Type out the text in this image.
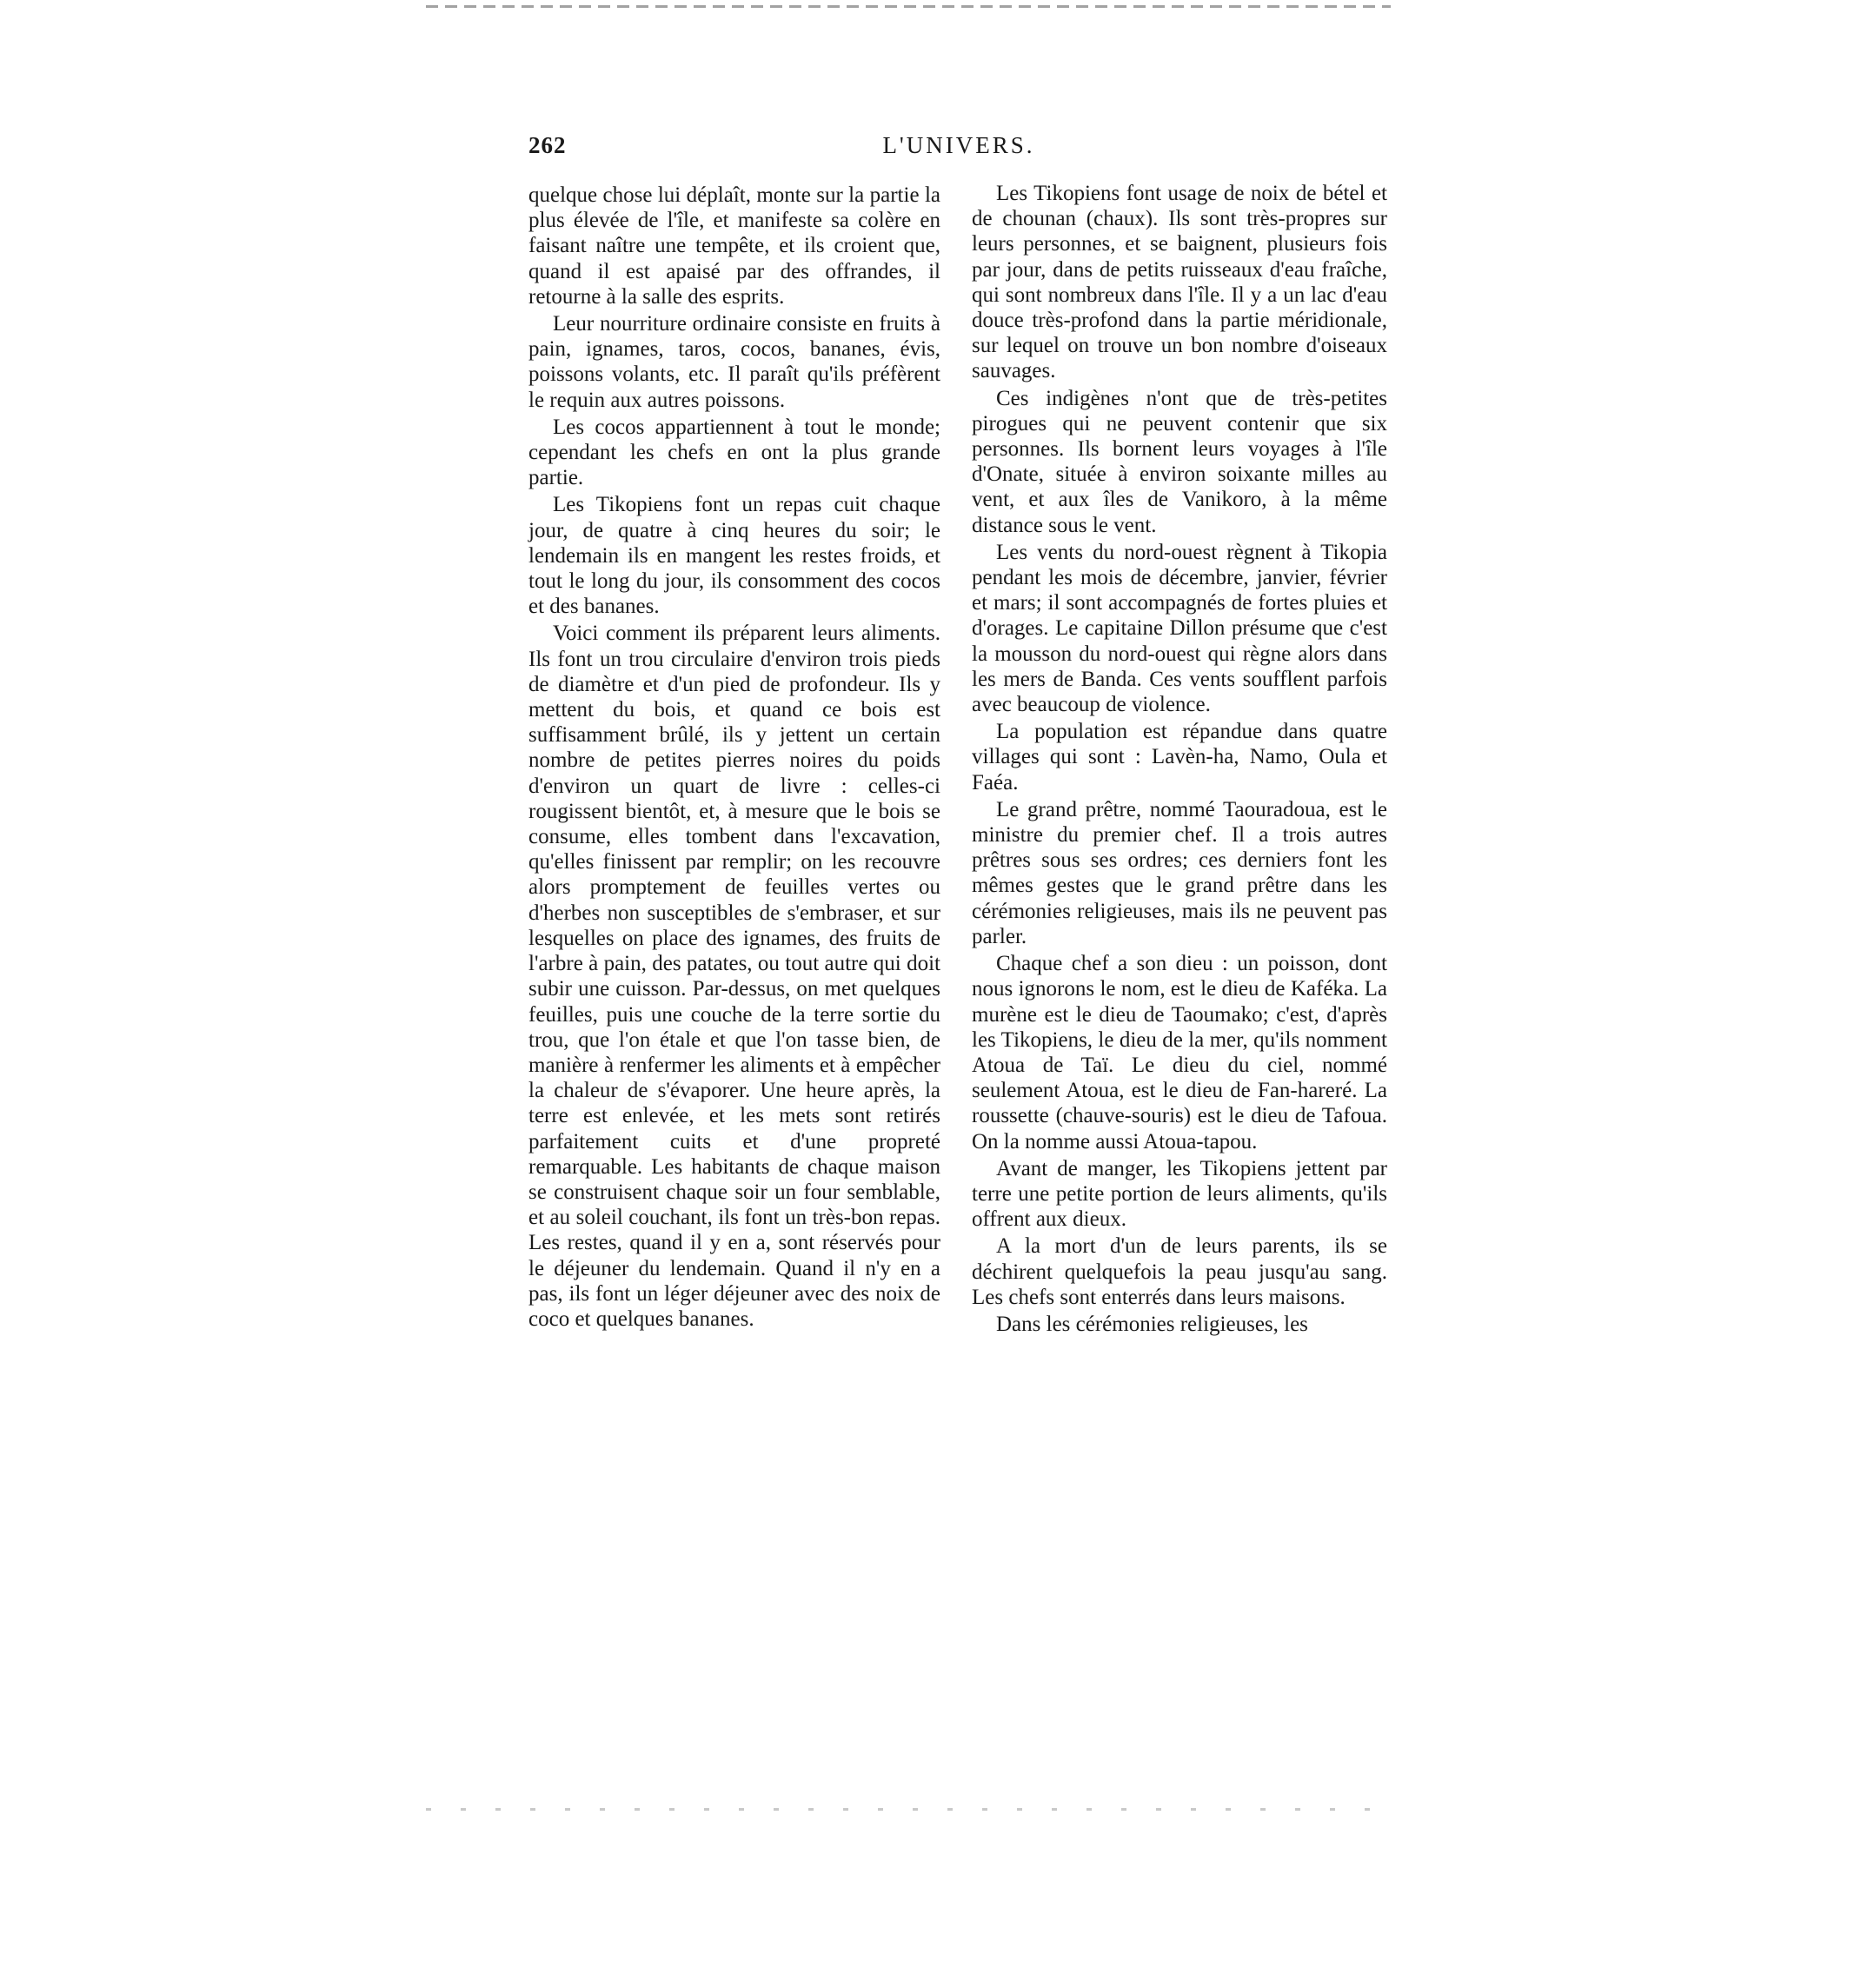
262	L'UNIVERS.

quelque chose lui déplaît, monte sur la partie la plus élevée de l'île, et manifeste sa colère en faisant naître une tempête, et ils croient que, quand il est apaisé par des offrandes, il retourne à la salle des esprits.

Leur nourriture ordinaire consiste en fruits à pain, ignames, taros, cocos, bananes, évis, poissons volants, etc. Il paraît qu'ils préfèrent le requin aux autres poissons.

Les cocos appartiennent à tout le monde; cependant les chefs en ont la plus grande partie.

Les Tikopiens font un repas cuit chaque jour, de quatre à cinq heures du soir; le lendemain ils en mangent les restes froids, et tout le long du jour, ils consomment des cocos et des bananes.

Voici comment ils préparent leurs aliments. Ils font un trou circulaire d'environ trois pieds de diamètre et d'un pied de profondeur. Ils y mettent du bois, et quand ce bois est suffisamment brûlé, ils y jettent un certain nombre de petites pierres noires du poids d'environ un quart de livre : celles-ci rougissent bientôt, et, à mesure que le bois se consume, elles tombent dans l'excavation, qu'elles finissent par remplir; on les recouvre alors promptement de feuilles vertes ou d'herbes non susceptibles de s'embraser, et sur lesquelles on place des ignames, des fruits de l'arbre à pain, des patates, ou tout autre qui doit subir une cuisson. Par-dessus, on met quelques feuilles, puis une couche de la terre sortie du trou, que l'on étale et que l'on tasse bien, de manière à renfermer les aliments et à empêcher la chaleur de s'évaporer. Une heure après, la terre est enlevée, et les mets sont retirés parfaitement cuits et d'une propreté remarquable. Les habitants de chaque maison se construisent chaque soir un four semblable, et au soleil couchant, ils font un très-bon repas. Les restes, quand il y en a, sont réservés pour le déjeuner du lendemain. Quand il n'y en a pas, ils font un léger déjeuner avec des noix de coco et quelques bananes.

Les Tikopiens font usage de noix de bétel et de chounan (chaux). Ils sont très-propres sur leurs personnes, et se baignent, plusieurs fois par jour, dans de petits ruisseaux d'eau fraîche, qui sont nombreux dans l'île. Il y a un lac d'eau douce très-profond dans la partie méridionale, sur lequel on trouve un bon nombre d'oiseaux sauvages.

Ces indigènes n'ont que de très-petites pirogues qui ne peuvent contenir que six personnes. Ils bornent leurs voyages à l'île d'Onate, située à environ soixante milles au vent, et aux îles de Vanikoro, à la même distance sous le vent.

Les vents du nord-ouest règnent à Tikopia pendant les mois de décembre, janvier, février et mars; il sont accompagnés de fortes pluies et d'orages. Le capitaine Dillon présume que c'est la mousson du nord-ouest qui règne alors dans les mers de Banda. Ces vents soufflent parfois avec beaucoup de violence.

La population est répandue dans quatre villages qui sont : Lavèn-ha, Namo, Oula et Faéa.

Le grand prêtre, nommé Taouradoua, est le ministre du premier chef. Il a trois autres prêtres sous ses ordres; ces derniers font les mêmes gestes que le grand prêtre dans les cérémonies religieuses, mais ils ne peuvent pas parler.

Chaque chef a son dieu : un poisson, dont nous ignorons le nom, est le dieu de Kaféka. La murène est le dieu de Taoumako; c'est, d'après les Tikopiens, le dieu de la mer, qu'ils nomment Atoua de Taï. Le dieu du ciel, nommé seulement Atoua, est le dieu de Fan-hareré. La roussette (chauve-souris) est le dieu de Tafoua. On la nomme aussi Atoua-tapou.

Avant de manger, les Tikopiens jettent par terre une petite portion de leurs aliments, qu'ils offrent aux dieux.

A la mort d'un de leurs parents, ils se déchirent quelquefois la peau jusqu'au sang. Les chefs sont enterrés dans leurs maisons.

Dans les cérémonies religieuses, les
